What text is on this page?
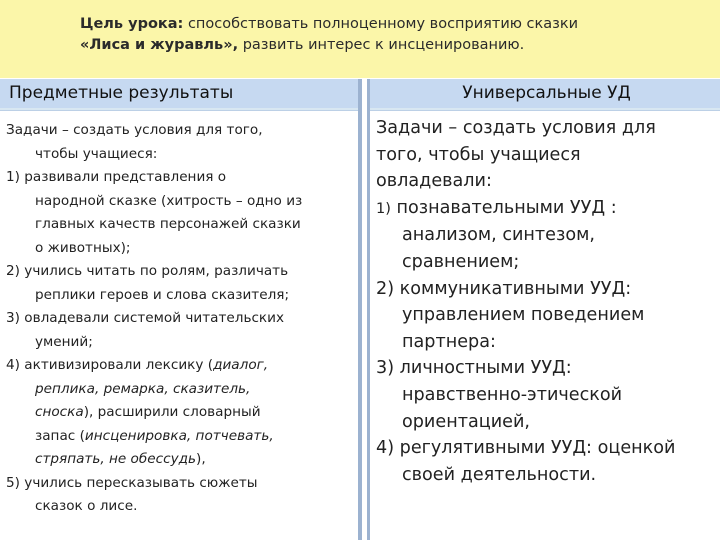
Цель урока: способствовать полноценному восприятию сказки
«Лиса и журавль», развить интерес к инсценированию.
Предметные результаты
Задачи – создать условия для того,
чтобы учащиеся:
1) развивали представления о
народной сказке (хитрость – одно из
главных качеств персонажей сказки
о животных);
2) учились читать по ролям, различать
реплики героев и слова сказителя;
3) овладевали системой читательских
умений;
4) активизировали лексику (диалог,
реплика, ремарка, сказитель,
сноска), расширили словарный
запас (инсценировка, потчевать,
стряпать, не обессудь),
5) учились пересказывать сюжеты
сказок о лисе.
Универсальные УД
Задачи – создать условия для
того, чтобы учащиеся
овладевали:
1) познавательными УУД :
анализом, синтезом,
сравнением;
2) коммуникативными УУД:
управлением поведением
партнера:
3) личностными УУД:
нравственно-этической
ориентацией,
4) регулятивными УУД: оценкой
своей деятельности.
